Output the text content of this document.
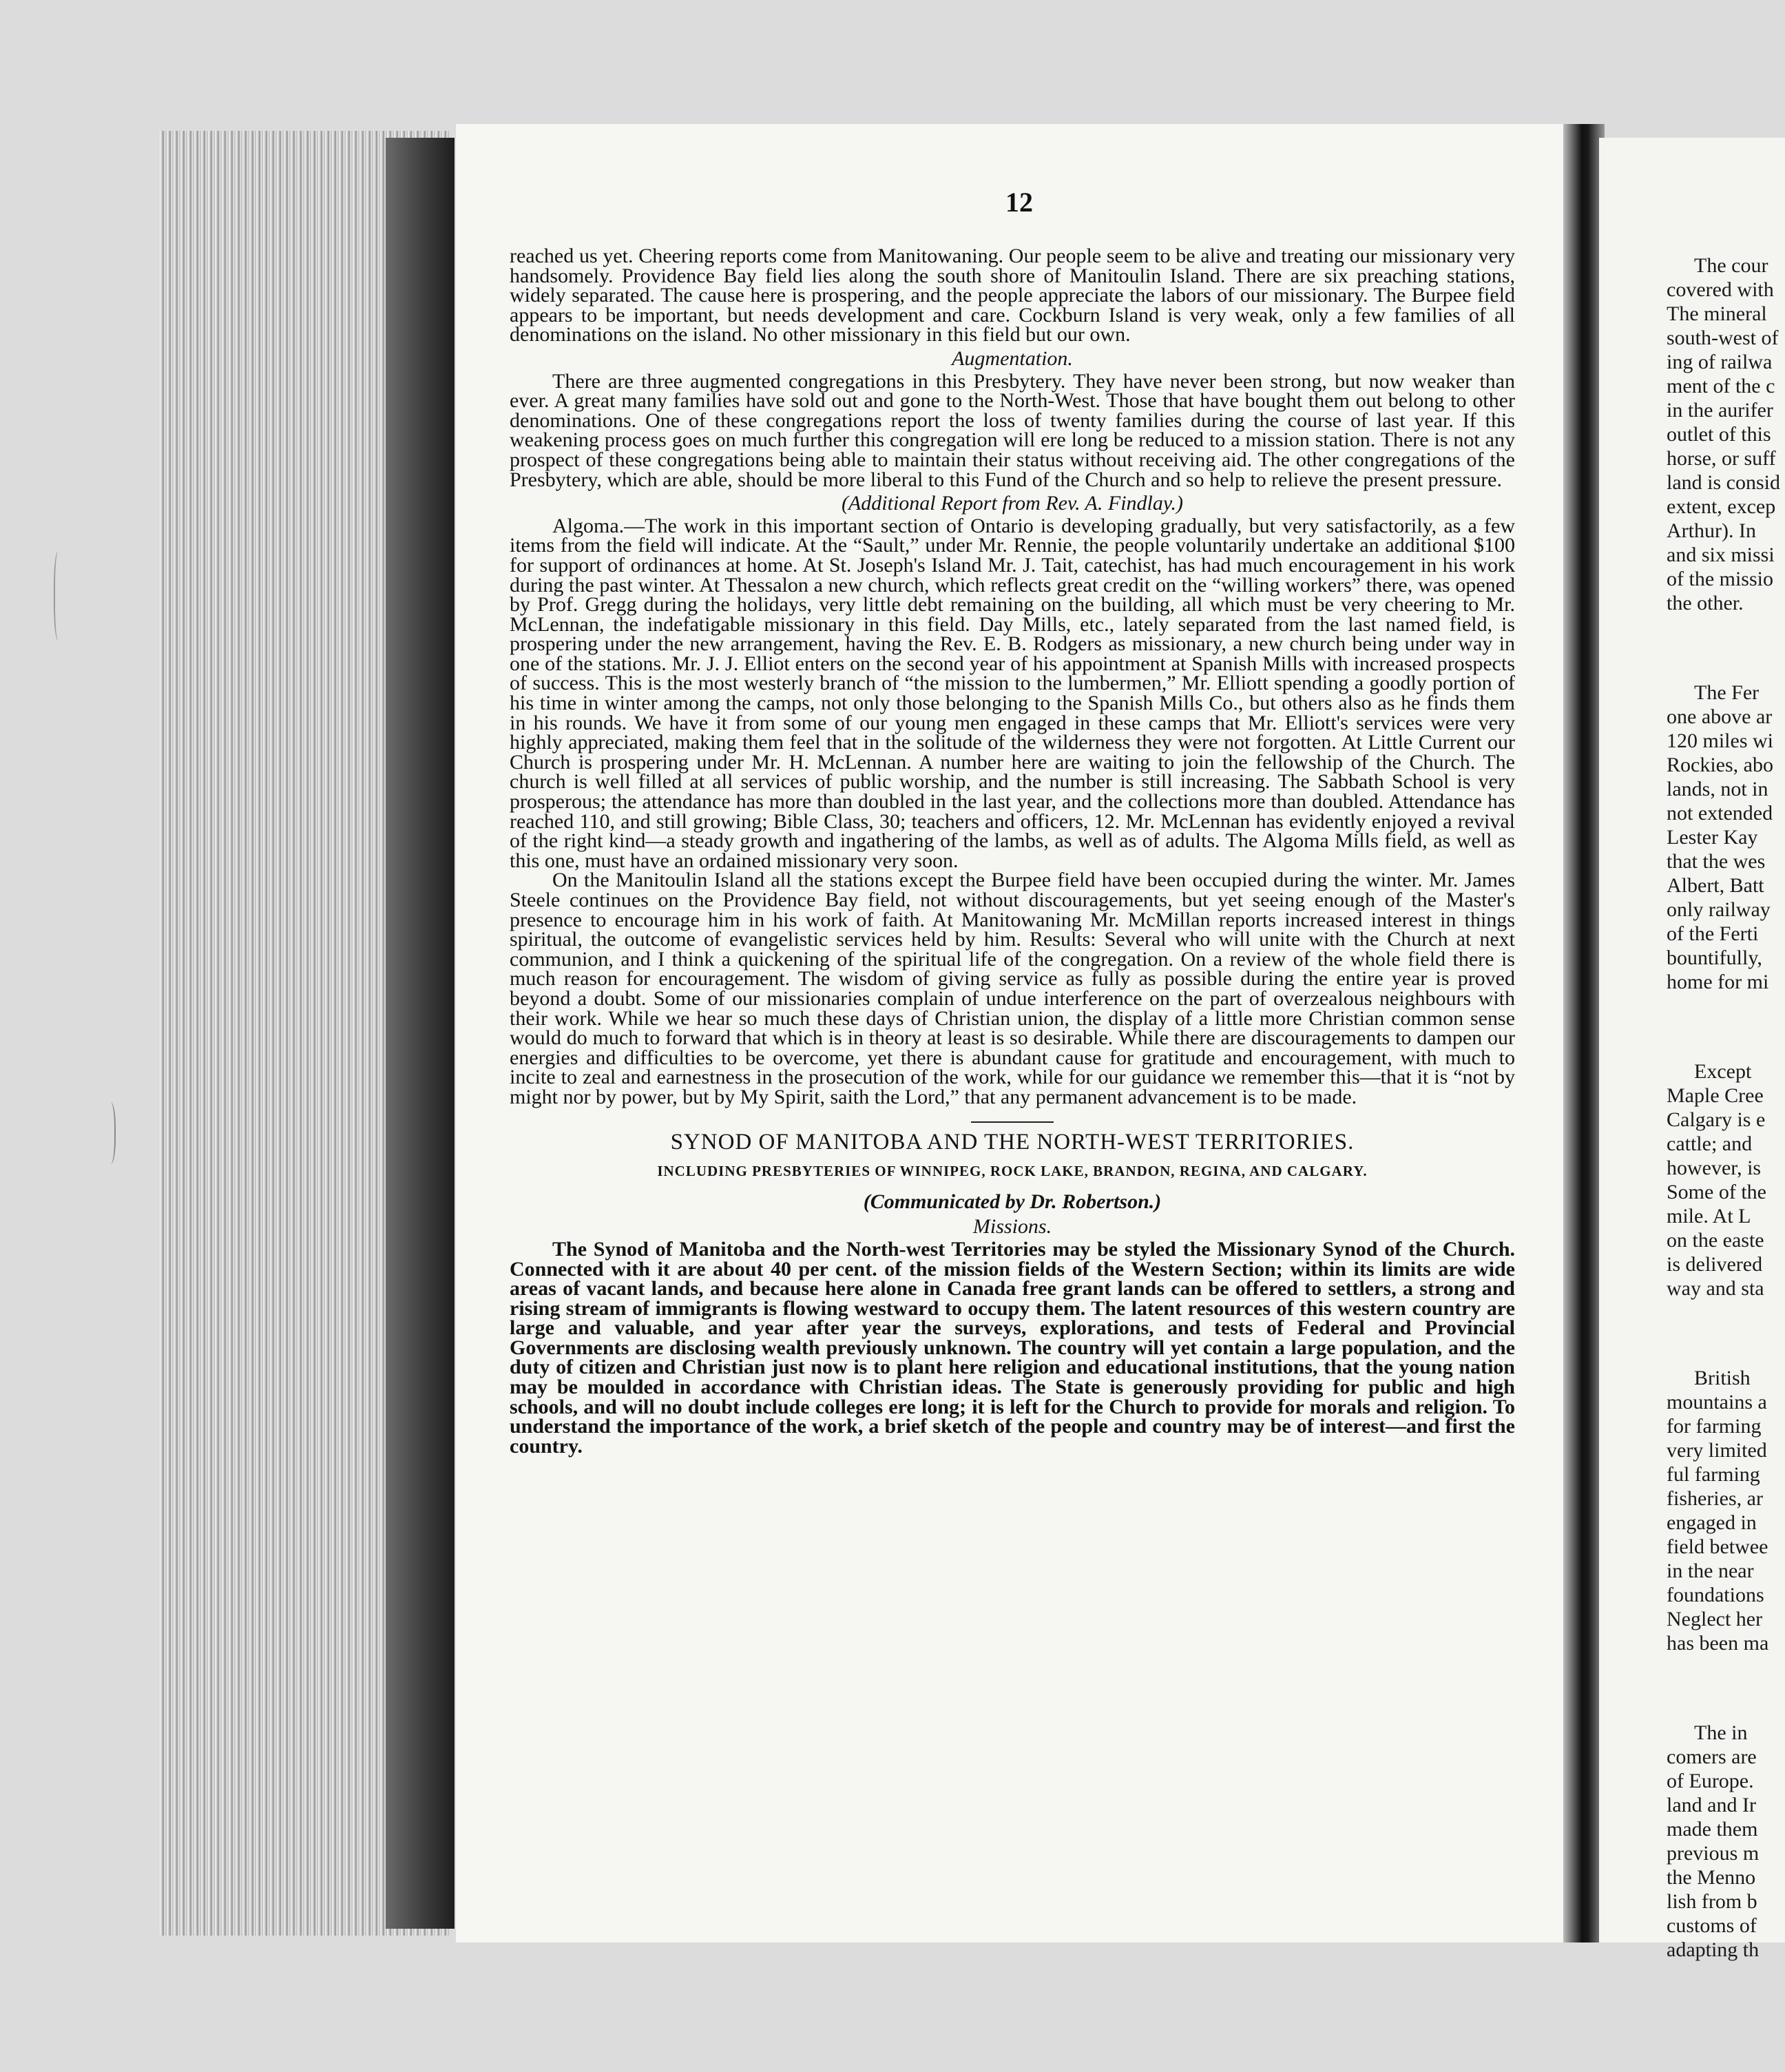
12

reached us yet. Cheering reports come from Manitowaning. Our people seem to be alive and treating our missionary very handsomely. Providence Bay field lies along the south shore of Manitoulin Island. There are six preaching stations, widely separated. The cause here is prospering, and the people appreciate the labors of our missionary. The Burpee field appears to be important, but needs development and care. Cockburn Island is very weak, only a few families of all denominations on the island. No other missionary in this field but our own.

Augmentation.

There are three augmented congregations in this Presbytery. They have never been strong, but now weaker than ever. A great many families have sold out and gone to the North-West. Those that have bought them out belong to other denominations. One of these congregations report the loss of twenty families during the course of last year. If this weakening process goes on much further this congregation will ere long be reduced to a mission station. There is not any prospect of these congregations being able to maintain their status without receiving aid. The other congregations of the Presbytery, which are able, should be more liberal to this Fund of the Church and so help to relieve the present pressure.

(Additional Report from Rev. A. Findlay.)

Algoma.—The work in this important section of Ontario is developing gradually, but very satisfactorily, as a few items from the field will indicate. At the “Sault,” under Mr. Rennie, the people voluntarily undertake an additional $100 for support of ordinances at home. At St. Joseph's Island Mr. J. Tait, catechist, has had much encouragement in his work during the past winter. At Thessalon a new church, which reflects great credit on the “willing workers” there, was opened by Prof. Gregg during the holidays, very little debt remaining on the building, all which must be very cheering to Mr. McLennan, the indefatigable missionary in this field. Day Mills, etc., lately separated from the last named field, is prospering under the new arrangement, having the Rev. E. B. Rodgers as missionary, a new church being under way in one of the stations. Mr. J. J. Elliot enters on the second year of his appointment at Spanish Mills with increased prospects of success. This is the most westerly branch of “the mission to the lumbermen,” Mr. Elliott spending a goodly portion of his time in winter among the camps, not only those belonging to the Spanish Mills Co., but others also as he finds them in his rounds. We have it from some of our young men engaged in these camps that Mr. Elliott's services were very highly appreciated, making them feel that in the solitude of the wilderness they were not forgotten. At Little Current our Church is prospering under Mr. H. McLennan. A number here are waiting to join the fellowship of the Church. The church is well filled at all services of public worship, and the number is still increasing. The Sabbath School is very prosperous; the attendance has more than doubled in the last year, and the collections more than doubled. Attendance has reached 110, and still growing; Bible Class, 30; teachers and officers, 12. Mr. McLennan has evidently enjoyed a revival of the right kind—a steady growth and ingathering of the lambs, as well as of adults. The Algoma Mills field, as well as this one, must have an ordained missionary very soon.

On the Manitoulin Island all the stations except the Burpee field have been occupied during the winter. Mr. James Steele continues on the Providence Bay field, not without discouragements, but yet seeing enough of the Master's presence to encourage him in his work of faith. At Manitowaning Mr. McMillan reports increased interest in things spiritual, the outcome of evangelistic services held by him. Results: Several who will unite with the Church at next communion, and I think a quickening of the spiritual life of the congregation. On a review of the whole field there is much reason for encouragement. The wisdom of giving service as fully as possible during the entire year is proved beyond a doubt. Some of our missionaries complain of undue interference on the part of overzealous neighbours with their work. While we hear so much these days of Christian union, the display of a little more Christian common sense would do much to forward that which is in theory at least is so desirable. While there are discouragements to dampen our energies and difficulties to be overcome, yet there is abundant cause for gratitude and encouragement, with much to incite to zeal and earnestness in the prosecution of the work, while for our guidance we remember this—that it is “not by might nor by power, but by My Spirit, saith the Lord,” that any permanent advancement is to be made.

SYNOD OF MANITOBA AND THE NORTH-WEST TERRITORIES.
INCLUDING PRESBYTERIES OF WINNIPEG, ROCK LAKE, BRANDON, REGINA, AND CALGARY.
(Communicated by Dr. Robertson.)
Missions.

The Synod of Manitoba and the North-west Territories may be styled the Missionary Synod of the Church. Connected with it are about 40 per cent. of the mission fields of the Western Section; within its limits are wide areas of vacant lands, and because here alone in Canada free grant lands can be offered to settlers, a strong and rising stream of immigrants is flowing westward to occupy them. The latent resources of this western country are large and valuable, and year after year the surveys, explorations, and tests of Federal and Provincial Governments are disclosing wealth previously unknown. The country will yet contain a large population, and the duty of citizen and Christian just now is to plant here religion and educational institutions, that the young nation may be moulded in accordance with Christian ideas. The State is generously providing for public and high schools, and will no doubt include colleges ere long; it is left for the Church to provide for morals and religion. To understand the importance of the work, a brief sketch of the people and country may be of interest—and first the country.

The cour
covered with
The mineral
south-west of
ing of railwa
ment of the c
in the aurifer
outlet of this
horse, or suff
land is consid
extent, excep
Arthur). In
and six missi
of the missio
the other.
The Fer
one above ar
120 miles wi
Rockies, abo
lands, not in
not extended
Lester Kay
that the wes
Albert, Batt
only railway
of the Ferti
bountifully,
home for mi
Except
Maple Cree
Calgary is e
cattle; and
however, is
Some of the
mile. At L
on the easte
is delivered
way and sta
British
mountains a
for farming
very limited
ful farming
fisheries, ar
engaged in
field betwee
in the near
foundations
Neglect her
has been ma
The in
comers are
of Europe.
land and Ir
made them
previous m
the Menno
lish from b
customs of
adapting th
